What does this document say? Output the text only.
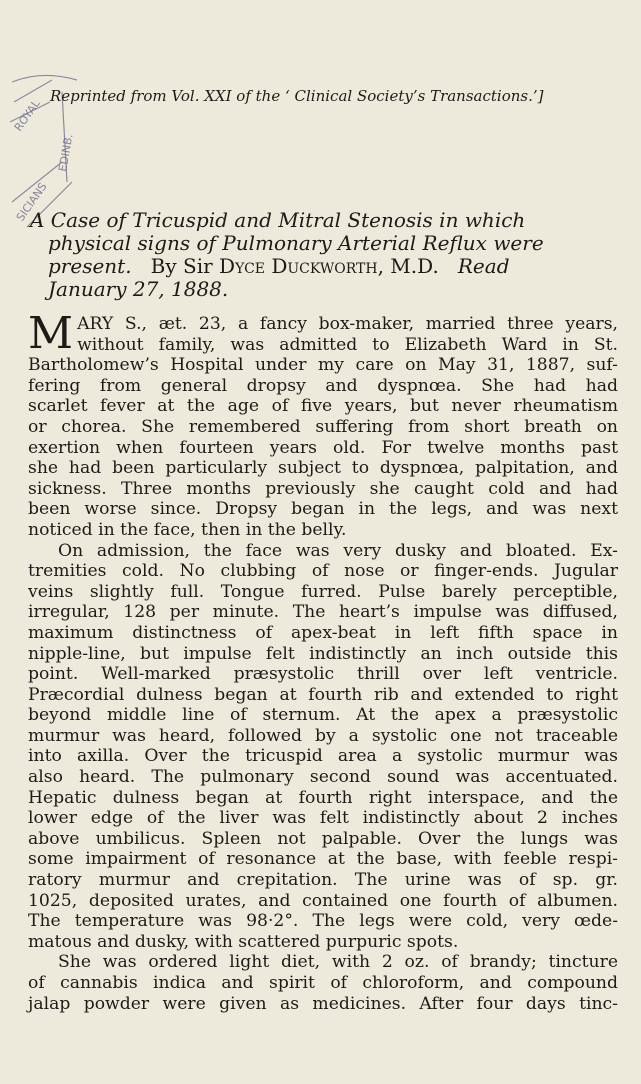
ROYAL
EDINB.
SICIANS
Reprinted from Vol. XXI of the ‘ Clinical Society’s Transactions.’]
A Case of Tricuspid and Mitral Stenosis in which
physical signs of Pulmonary Arterial Reflux were
present. By Sir Dyce Duckworth, M.D. Read
January 27, 1888.
M ARY S., æt. 23, a fancy box-maker, married three years,
without family, was admitted to Elizabeth Ward in St.
Bartholomew’s Hospital under my care on May 31, 1887, suf-
fering from general dropsy and dyspnœa. She had had
scarlet fever at the age of five years, but never rheumatism
or chorea. She remembered suffering from short breath on
exertion when fourteen years old. For twelve months past
she had been particularly subject to dyspnœa, palpitation, and
sickness. Three months previously she caught cold and had
been worse since. Dropsy began in the legs, and was next
noticed in the face, then in the belly.
On admission, the face was very dusky and bloated. Ex-
tremities cold. No clubbing of nose or finger-ends. Jugular
veins slightly full. Tongue furred. Pulse barely perceptible,
irregular, 128 per minute. The heart’s impulse was diffused,
maximum distinctness of apex-beat in left fifth space in
nipple-line, but impulse felt indistinctly an inch outside this
point. Well-marked præsystolic thrill over left ventricle.
Præcordial dulness began at fourth rib and extended to right
beyond middle line of sternum. At the apex a præsystolic
murmur was heard, followed by a systolic one not traceable
into axilla. Over the tricuspid area a systolic murmur was
also heard. The pulmonary second sound was accentuated.
Hepatic dulness began at fourth right interspace, and the
lower edge of the liver was felt indistinctly about 2 inches
above umbilicus. Spleen not palpable. Over the lungs was
some impairment of resonance at the base, with feeble respi-
ratory murmur and crepitation. The urine was of sp. gr.
1025, deposited urates, and contained one fourth of albumen.
The temperature was 98·2°. The legs were cold, very œde-
matous and dusky, with scattered purpuric spots.
She was ordered light diet, with 2 oz. of brandy; tincture
of cannabis indica and spirit of chloroform, and compound
jalap powder were given as medicines. After four days tinc-
